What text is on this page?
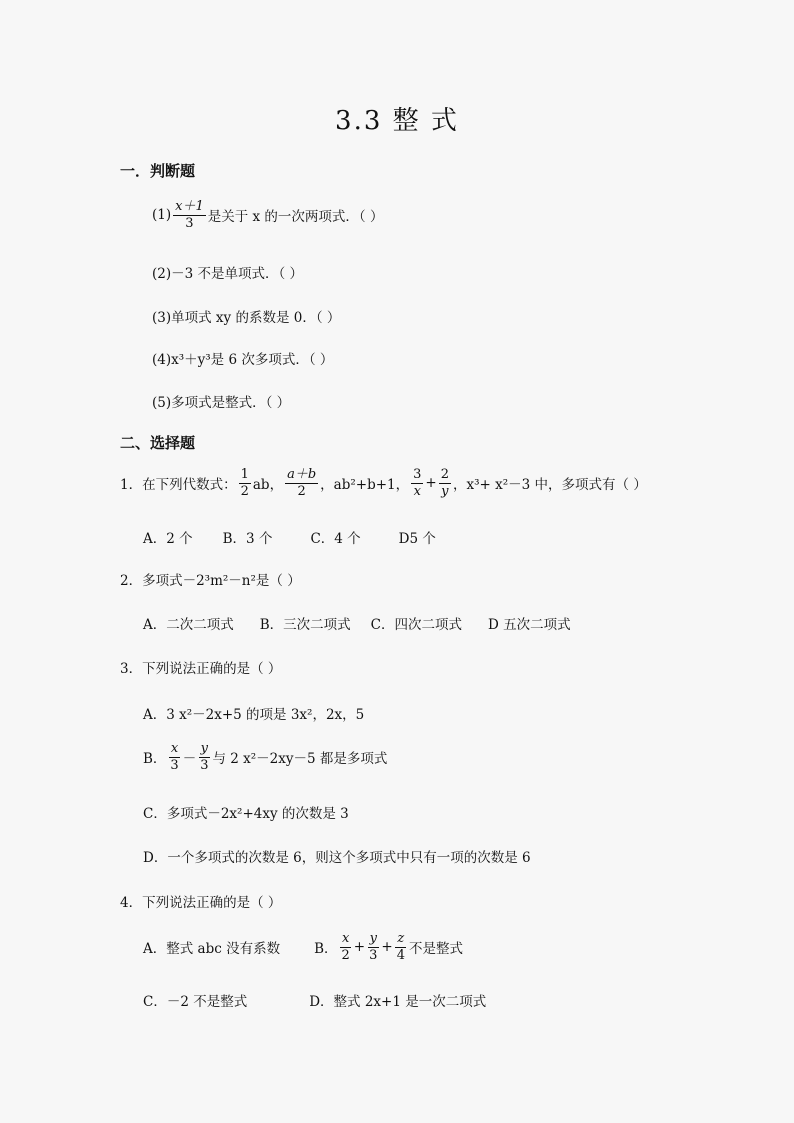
3.3 整 式
一．判断题
$(1) \frac{x+1}{3}$ 是关于 x 的一次两项式．（ ）
(2)－3 不是单项式．（ ）
(3)单项式 xy 的系数是 0．（ ）
(4)x³＋y³是 6 次多项式．（ ）
(5)多项式是整式．（ ）
二、选择题
1．在下列代数式： $\frac{1}{2}$ ab， $\frac{a+b}{2}$ ，ab²+b+1， $\frac{3}{x} + \frac{2}{y}$ ，x³+ x²－3 中，多项式有（ ）
A．2 个 B．3 个	C．4 个	D5 个
2．多项式－2³m²－n²是（ ）
A．二次二项式 B．三次二项式 C．四次二项式 D 五次二项式
3．下列说法正确的是（ ）
A．3 x²－2x+5 的项是 3x²，2x，5
B． $\frac{x}{3} - \frac{y}{3}$ 与 2 x²－2xy－5 都是多项式
C．多项式－2x²+4xy 的次数是 3
D．一个多项式的次数是 6，则这个多项式中只有一项的次数是 6
4．下列说法正确的是（ ）
A．整式 abc 没有系数	B． $\frac{x}{2} + \frac{y}{3} + \frac{z}{4}$ 不是整式
C．－2 不是整式	D．整式 2x+1 是一次二项式
